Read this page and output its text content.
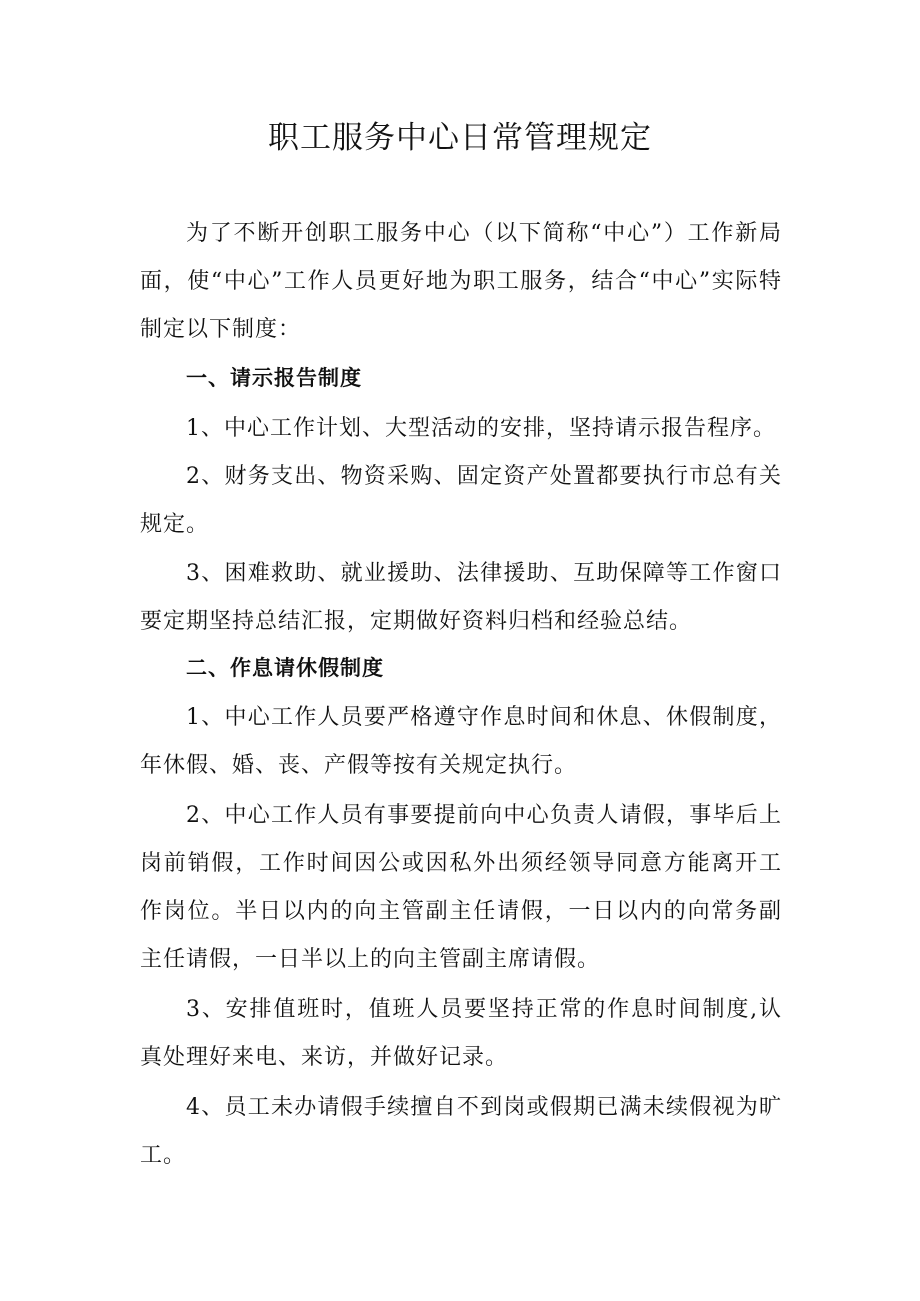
职工服务中心日常管理规定

为了不断开创职工服务中心（以下简称“中心”）工作新局面，使“中心”工作人员更好地为职工服务，结合“中心”实际特制定以下制度：

一、请示报告制度

1、中心工作计划、大型活动的安排，坚持请示报告程序。

2、财务支出、物资采购、固定资产处置都要执行市总有关规定。

3、困难救助、就业援助、法律援助、互助保障等工作窗口要定期坚持总结汇报，定期做好资料归档和经验总结。

二、作息请休假制度

1、中心工作人员要严格遵守作息时间和休息、休假制度，年休假、婚、丧、产假等按有关规定执行。

2、中心工作人员有事要提前向中心负责人请假，事毕后上岗前销假，工作时间因公或因私外出须经领导同意方能离开工作岗位。半日以内的向主管副主任请假，一日以内的向常务副主任请假，一日半以上的向主管副主席请假。

3、安排值班时，值班人员要坚持正常的作息时间制度,认真处理好来电、来访，并做好记录。

4、员工未办请假手续擅自不到岗或假期已满未续假视为旷工。
